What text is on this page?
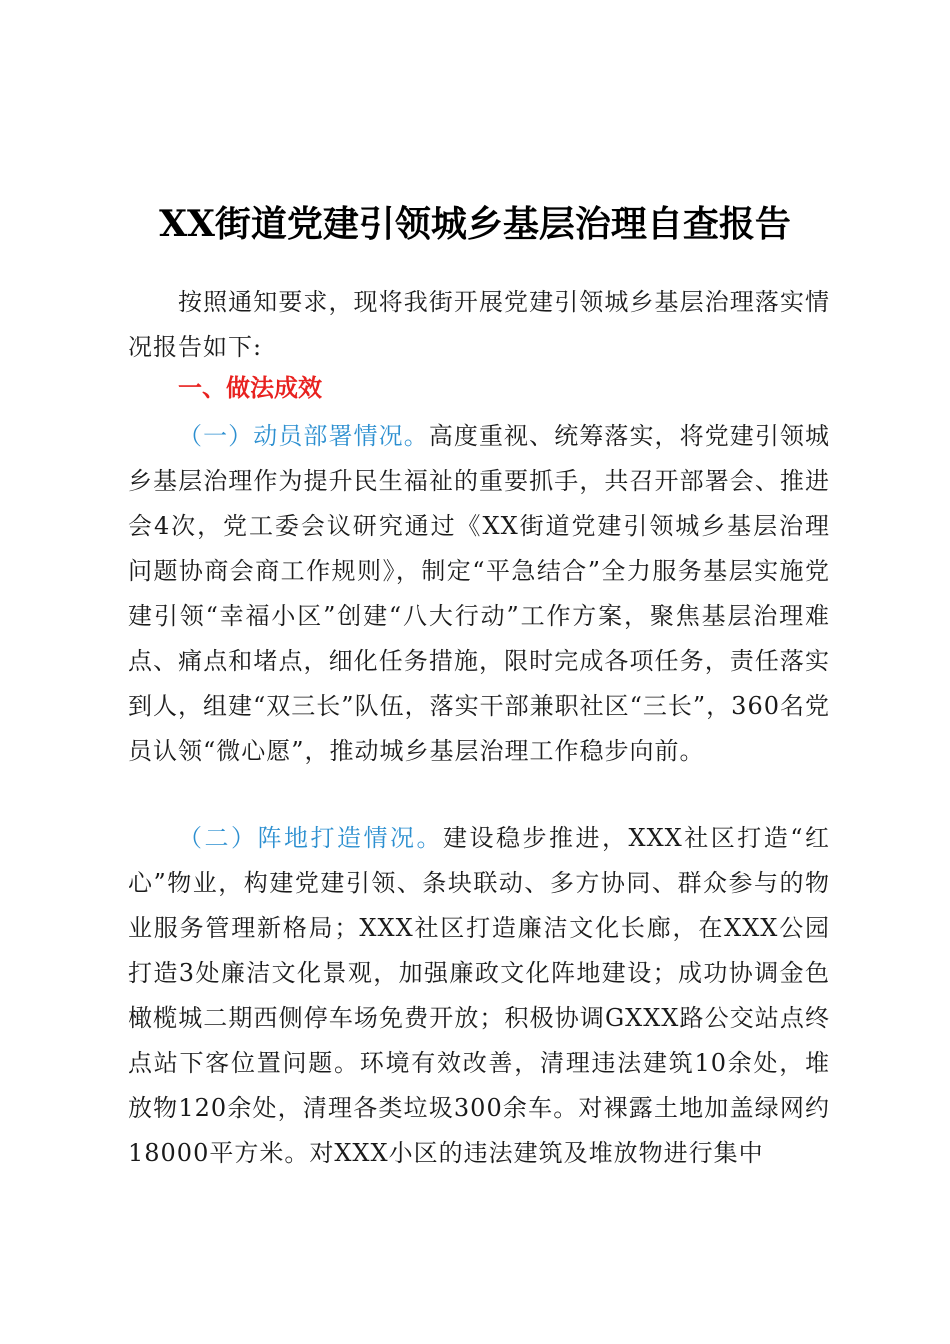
XX街道党建引领城乡基层治理自查报告
按照通知要求，现将我街开展党建引领城乡基层治理落实情况报告如下:
一、做法成效
（一）动员部署情况。高度重视、统筹落实，将党建引领城乡基层治理作为提升民生福祉的重要抓手，共召开部署会、推进会4次，党工委会议研究通过《XX街道党建引领城乡基层治理问题协商会商工作规则》，制定“平急结合”全力服务基层实施党建引领“幸福小区”创建“八大行动”工作方案，聚焦基层治理难点、痛点和堵点，细化任务措施，限时完成各项任务，责任落实到人，组建“双三长”队伍，落实干部兼职社区“三长”，360名党员认领“微心愿”，推动城乡基层治理工作稳步向前。
（二）阵地打造情况。建设稳步推进，XXX社区打造“红心”物业，构建党建引领、条块联动、多方协同、群众参与的物业服务管理新格局；XXX社区打造廉洁文化长廊，在XXX公园打造3处廉洁文化景观，加强廉政文化阵地建设；成功协调金色橄榄城二期西侧停车场免费开放；积极协调GXXX路公交站点终点站下客位置问题。环境有效改善，清理违法建筑10余处，堆放物120余处，清理各类垃圾300余车。对裸露土地加盖绿网约18000平方米。对XXX小区的违法建筑及堆放物进行集中
